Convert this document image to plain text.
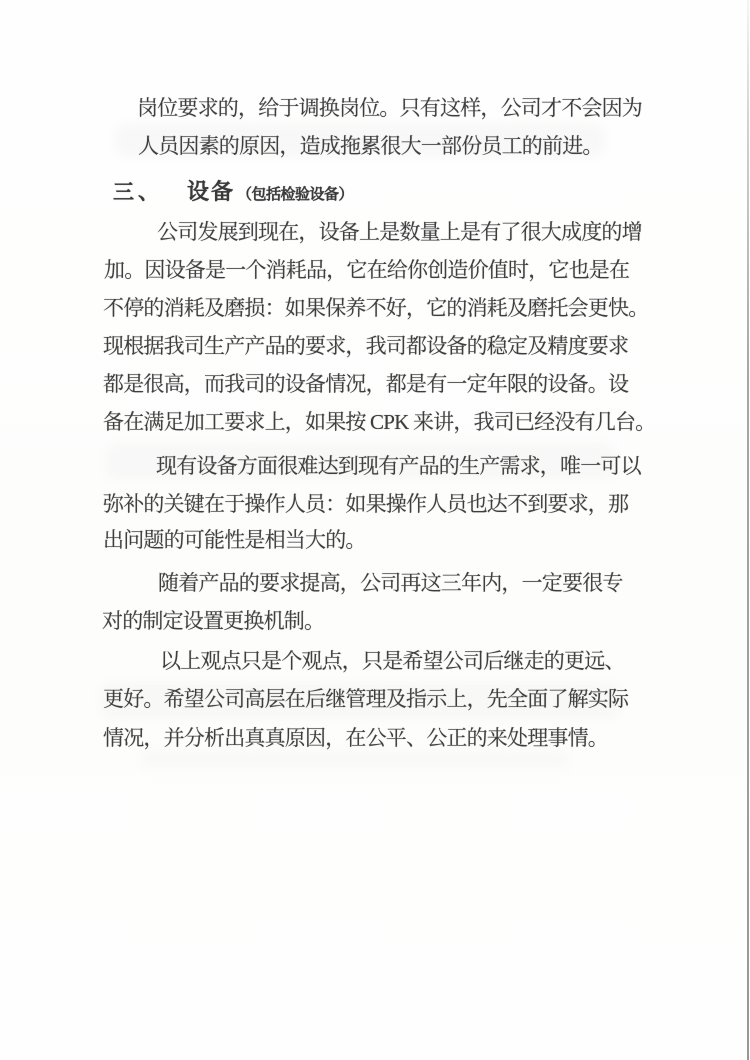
岗位要求的，给于调换岗位。只有这样，公司才不会因为
人员因素的原因，造成拖累很大一部份员工的前进。
三、 设备 （包括检验设备）
公司发展到现在，设备上是数量上是有了很大成度的增
加。因设备是一个消耗品，它在给你创造价值时，它也是在
不停的消耗及磨损：如果保养不好，它的消耗及磨托会更快。
现根据我司生产产品的要求，我司都设备的稳定及精度要求
都是很高，而我司的设备情况，都是有一定年限的设备。设
备在满足加工要求上，如果按 CPK 来讲，我司已经没有几台。
现有设备方面很难达到现有产品的生产需求，唯一可以
弥补的关键在于操作人员：如果操作人员也达不到要求，那
出问题的可能性是相当大的。
随着产品的要求提高，公司再这三年内，一定要很专
对的制定设置更换机制。
以上观点只是个观点，只是希望公司后继走的更远、
更好。希望公司高层在后继管理及指示上，先全面了解实际
情况，并分析出真真原因，在公平、公正的来处理事情。
